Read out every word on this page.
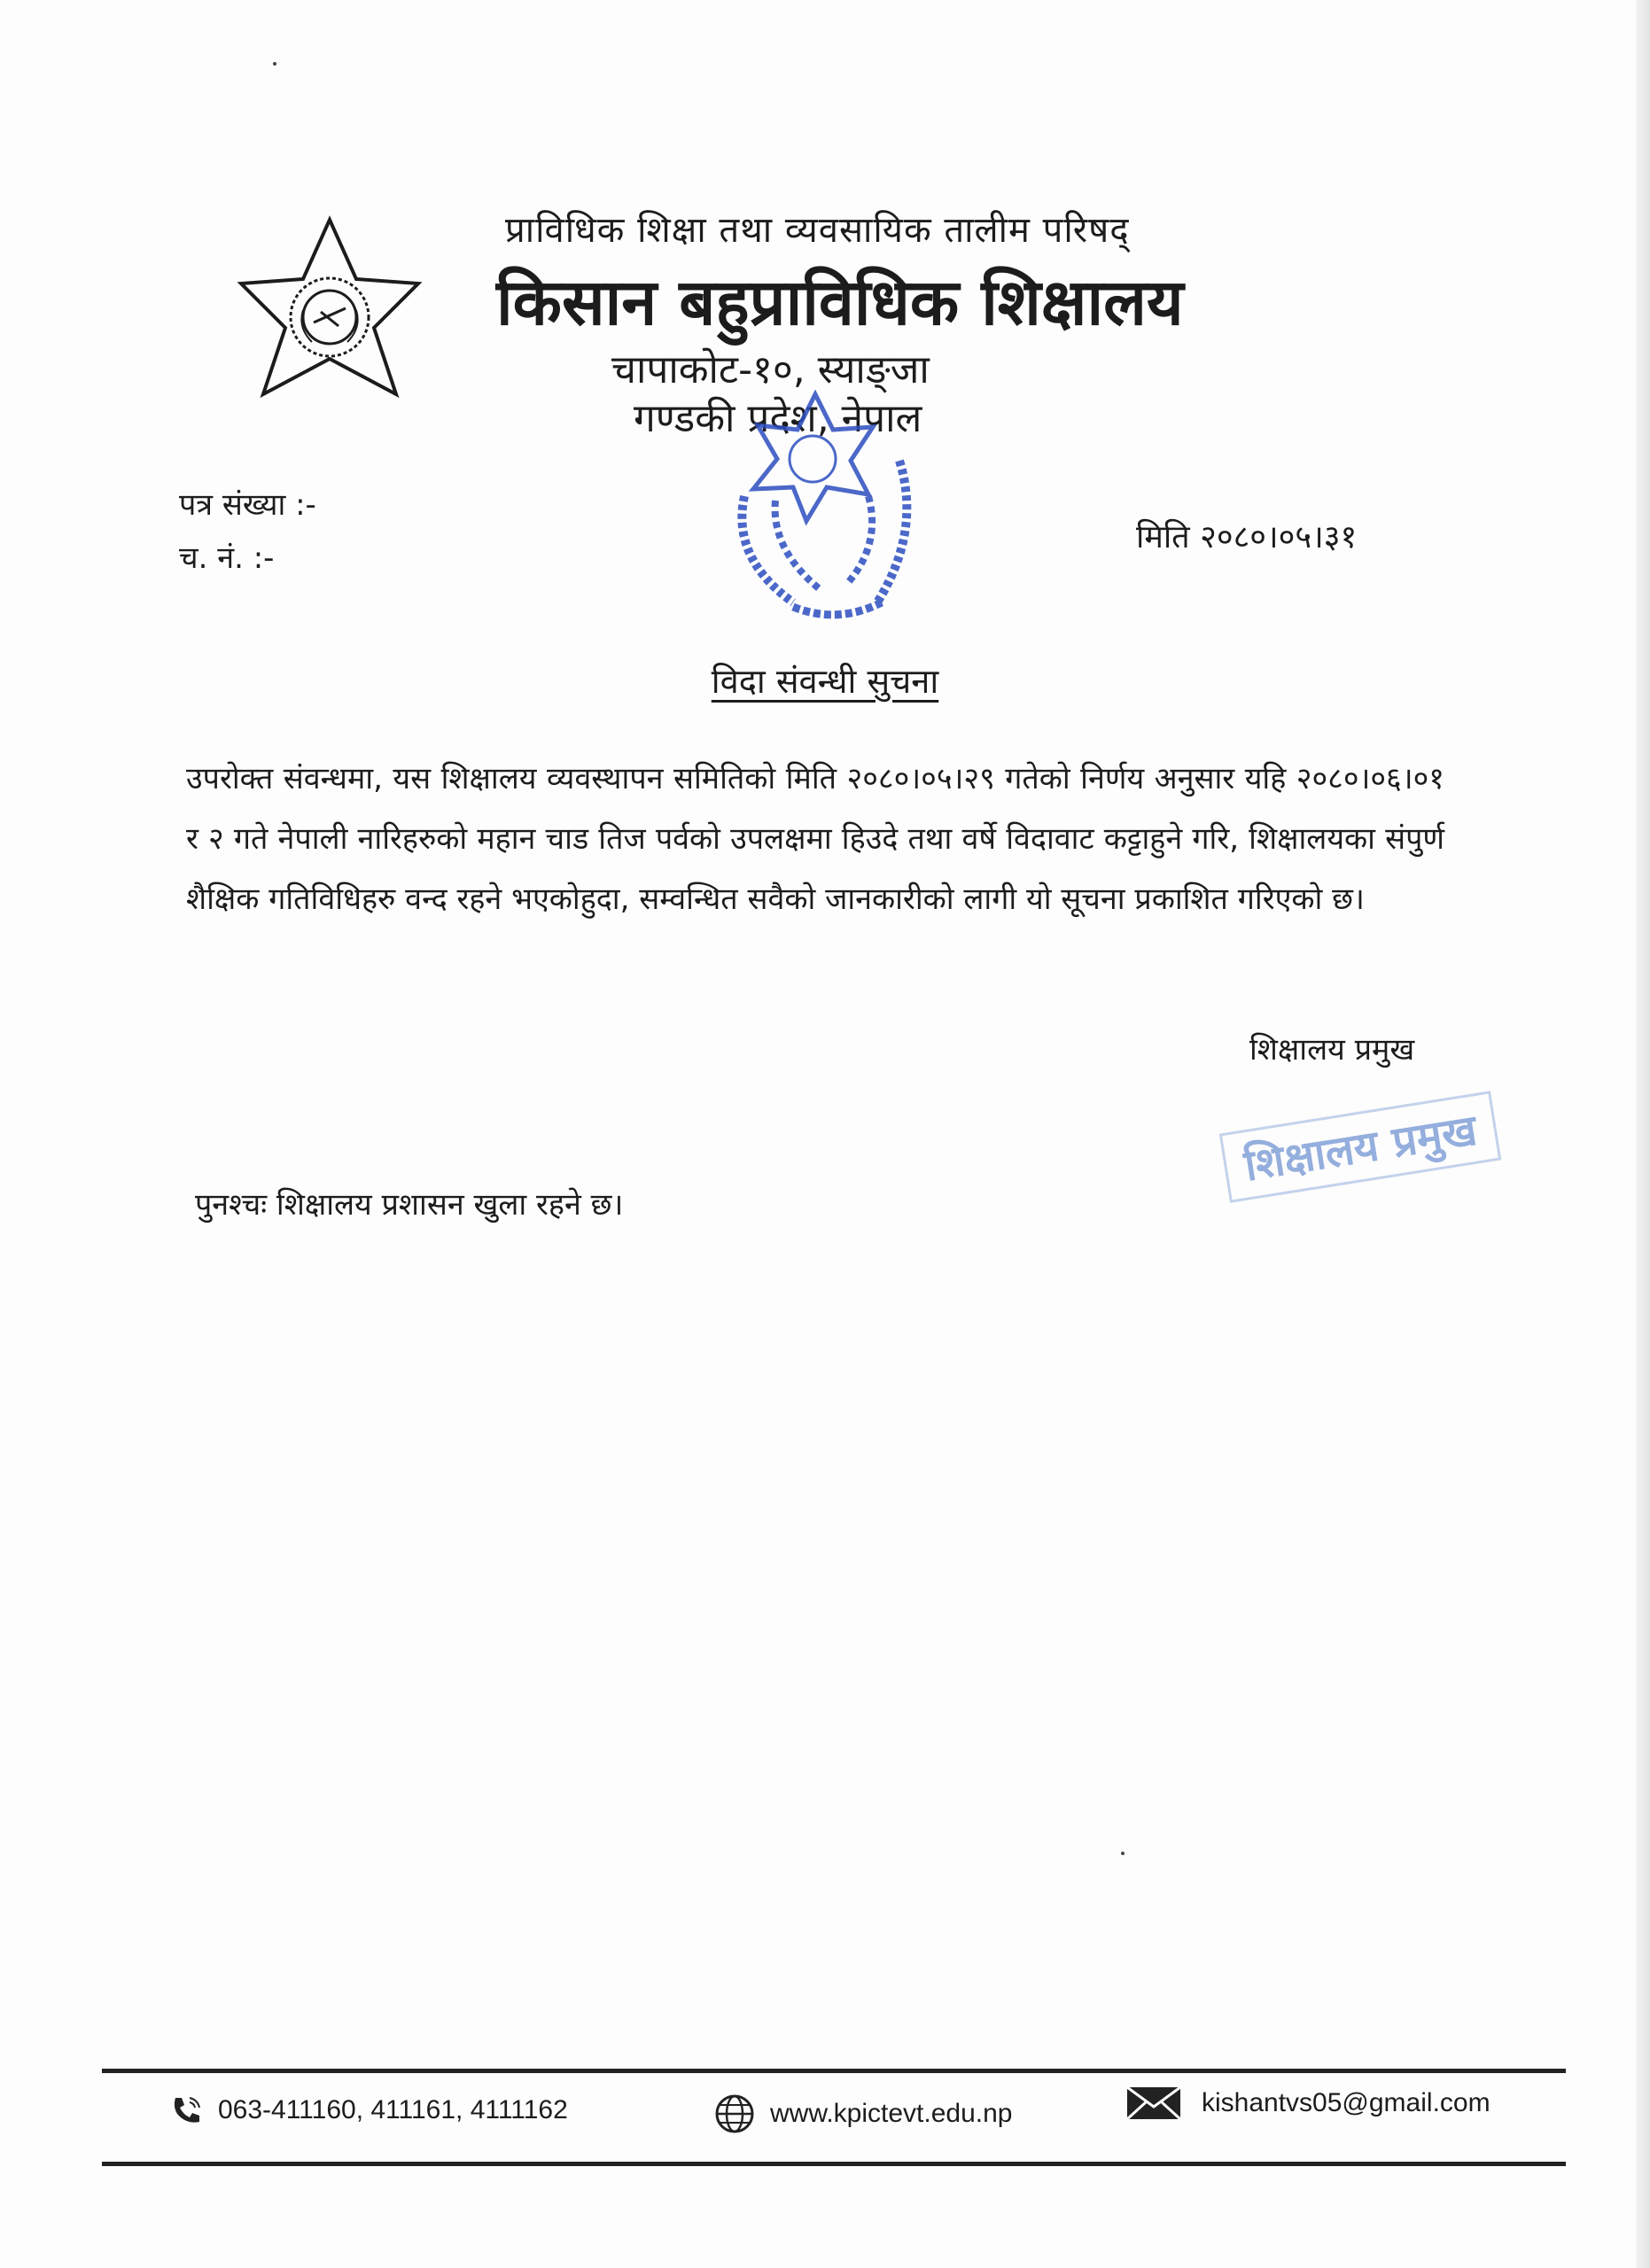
प्राविधिक शिक्षा तथा व्यवसायिक तालीम परिषद्
किसान बहुप्राविधिक शिक्षालय
चापाकोट-१०, स्याङ्जा
गण्डकी प्रदेश, नेपाल
पत्र संख्या :-
च. नं. :-
मिति २०८०।०५।३१
विदा संवन्धी सुचना
उपरोक्त संवन्धमा, यस शिक्षालय व्यवस्थापन समितिको मिति २०८०।०५।२९ गतेको निर्णय अनुसार यहि २०८०।०६।०१ र २ गते नेपाली नारिहरुको महान चाड तिज पर्वको उपलक्षमा हिउदे तथा वर्षे विदावाट कट्टाहुने गरि, शिक्षालयका संपुर्ण शैक्षिक गतिविधिहरु वन्द रहने भएकोहुदा, सम्वन्धित सवैको जानकारीको लागी यो सूचना प्रकाशित गरिएको छ।
शिक्षालय प्रमुख
शिक्षालय प्रमुख
पुनश्चः शिक्षालय प्रशासन खुला रहने छ।
063-411160, 411161, 4111162	www.kpictevt.edu.np	kishantvs05@gmail.com
